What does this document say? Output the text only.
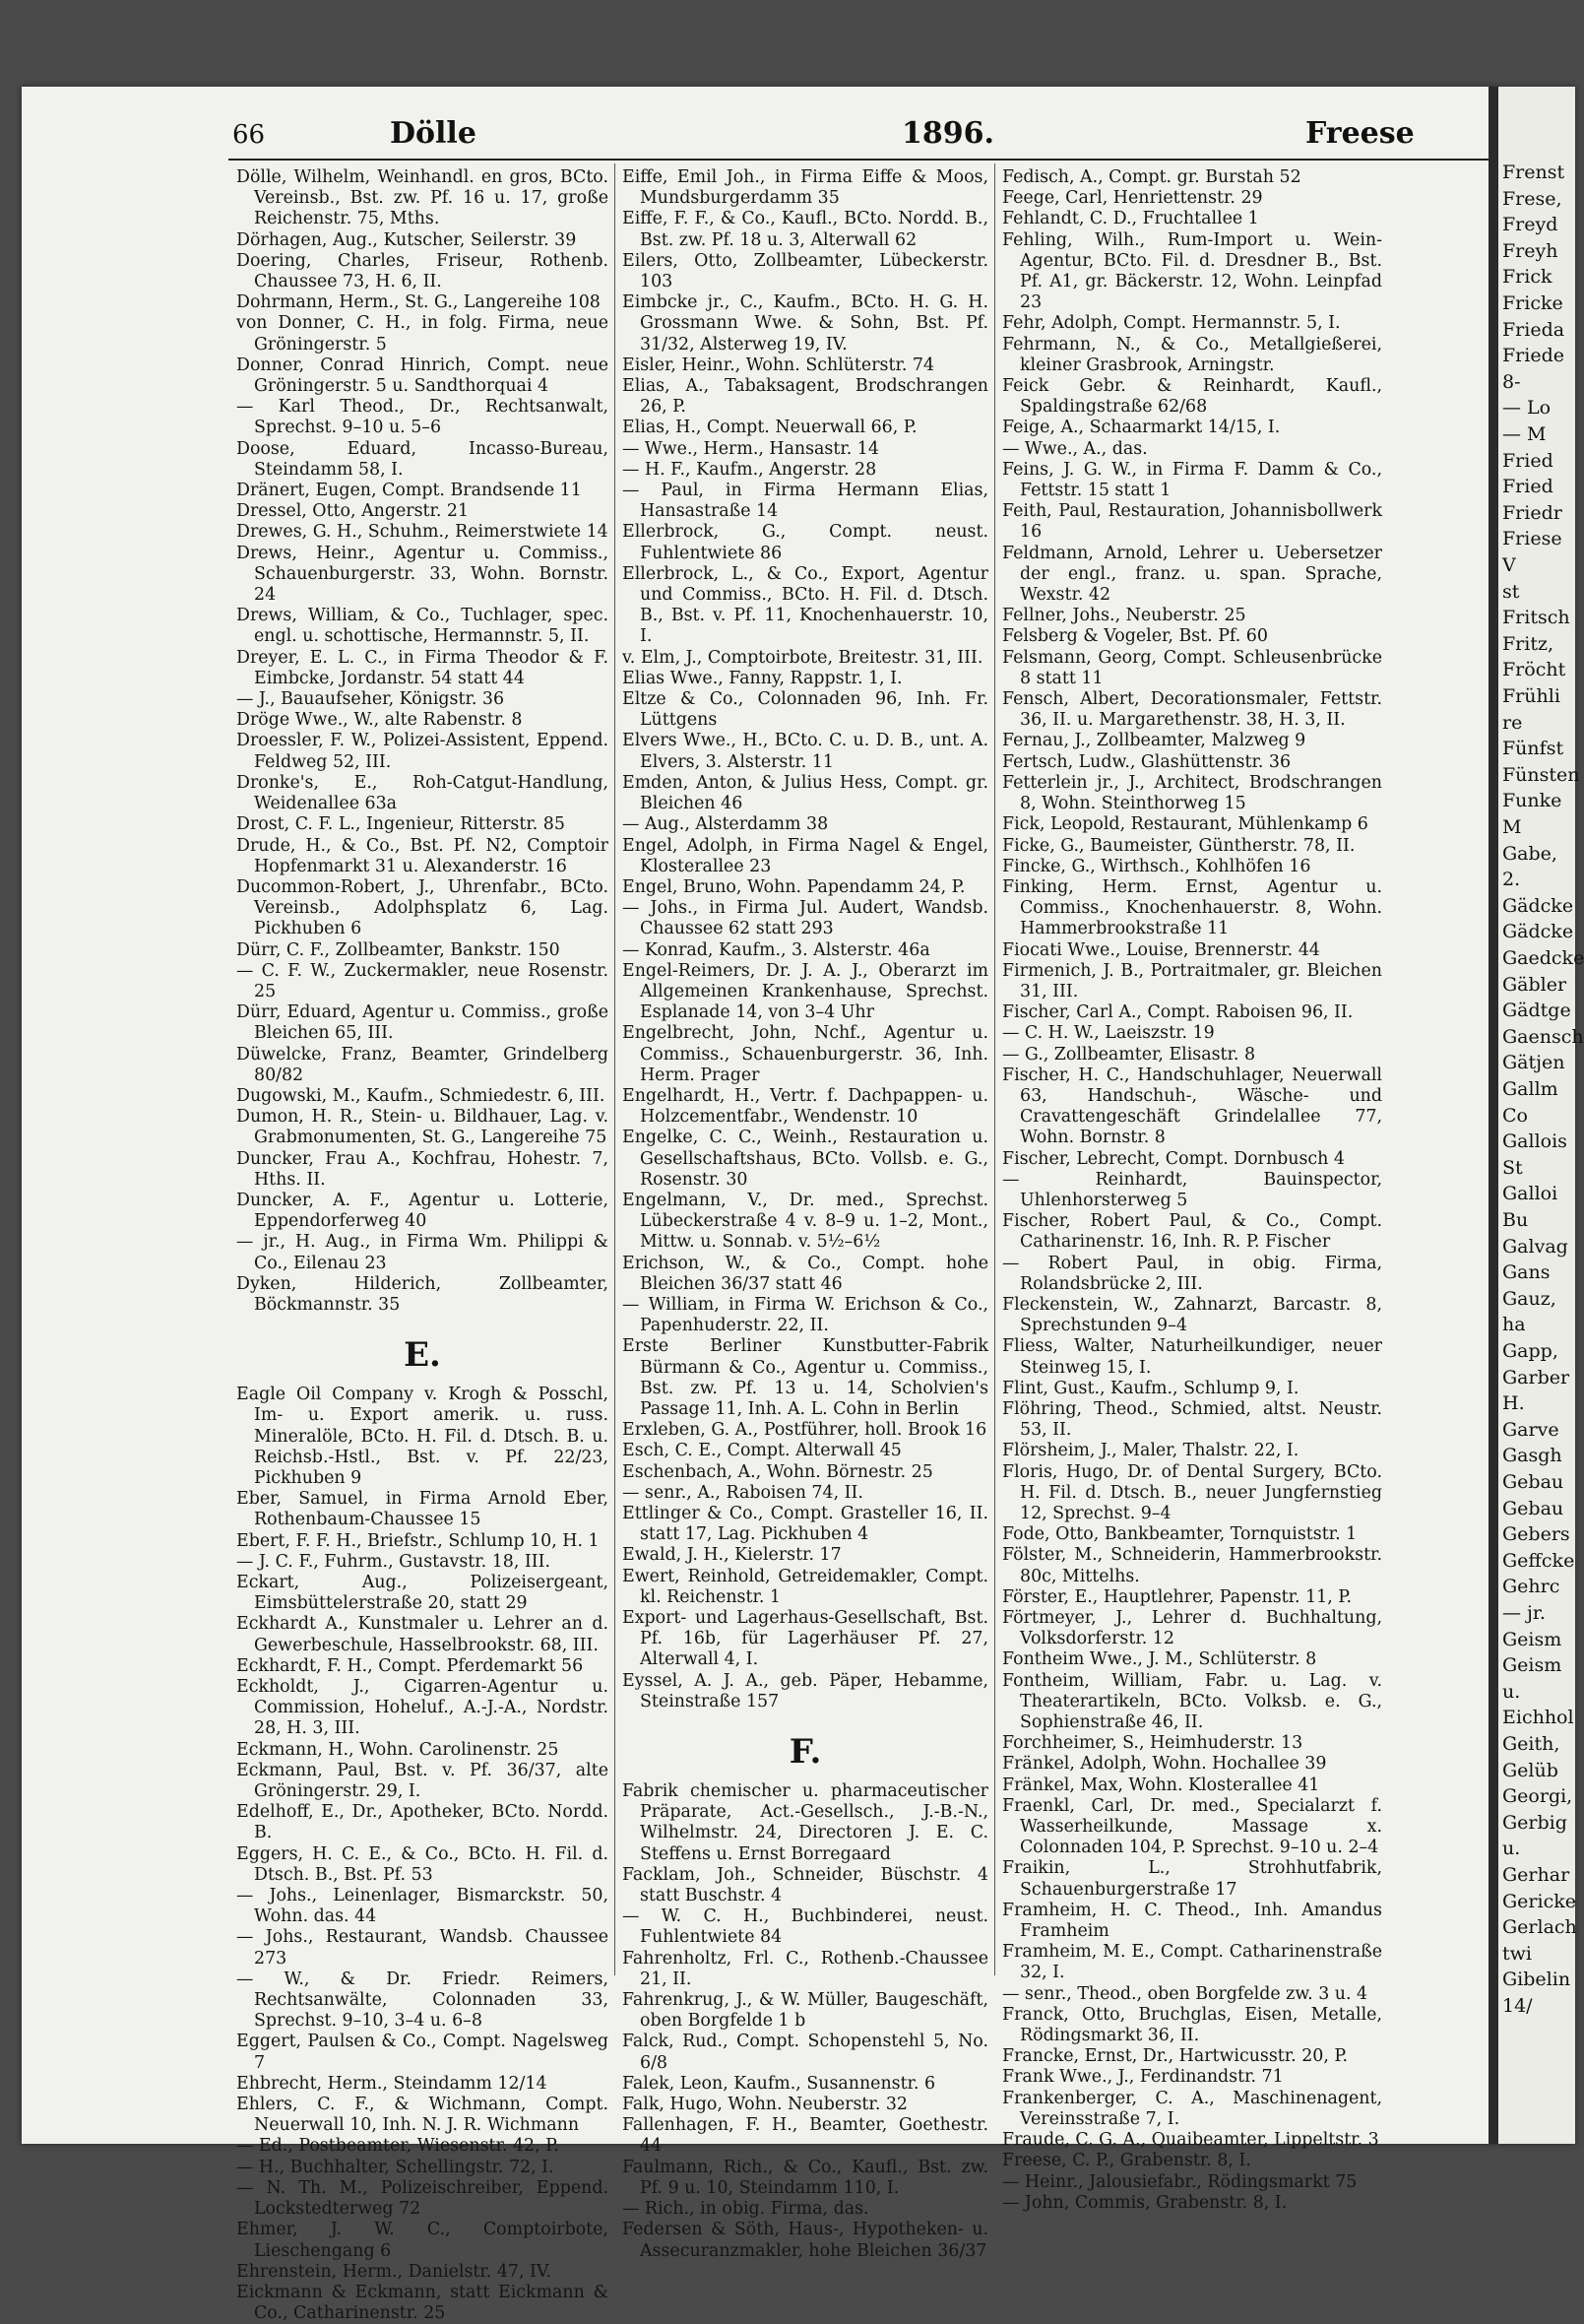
Frenst
Frese,
Freyd
Freyh
Frick
Fricke
Frieda
Friede
8-
— Lo
— M
Fried
Fried
Friedr
Friese
V
st
Fritsch
Fritz,
Fröcht
Frühli
re
Fünfst
Fünsten
Funke
M
Gabe,
2.
Gädcke
Gädcke
Gaedcke
Gäbler
Gädtge
Gaensch
Gätjen
Gallm
Co
Gallois
St
Galloi
Bu
Galvag
Gans
Gauz,
ha
Gapp,
Garber
H.
Garve
Gasgh
Gebau
Gebau
Gebers
Geffcke
Gehrc
— jr.
Geism
Geism
u.
Eichhol
Geith,
Gelüb
Georgi,
Gerbig
u.
Gerhar
Gericke
Gerlach
twi
Gibelin
14/
66	Dölle	1896.	Freese

Dölle, Wilhelm, Weinhandl. en gros, BCto. Vereinsb., Bst. zw. Pf. 16 u. 17, große Reichenstr. 75, Mths.

Dörhagen, Aug., Kutscher, Seilerstr. 39

Doering, Charles, Friseur, Rothenb. Chaussee 73, H. 6, II.

Dohrmann, Herm., St. G., Langereihe 108

von Donner, C. H., in folg. Firma, neue Gröningerstr. 5

Donner, Conrad Hinrich, Compt. neue Gröningerstr. 5 u. Sandthorquai 4

— Karl Theod., Dr., Rechtsanwalt, Sprechst. 9–10 u. 5–6

Doose, Eduard, Incasso-Bureau, Steindamm 58, I.

Dränert, Eugen, Compt. Brandsende 11

Dressel, Otto, Angerstr. 21

Drewes, G. H., Schuhm., Reimerstwiete 14

Drews, Heinr., Agentur u. Commiss., Schauenburgerstr. 33, Wohn. Bornstr. 24

Drews, William, & Co., Tuchlager, spec. engl. u. schottische, Hermannstr. 5, II.

Dreyer, E. L. C., in Firma Theodor & F. Eimbcke, Jordanstr. 54 statt 44

— J., Bauaufseher, Königstr. 36

Dröge Wwe., W., alte Rabenstr. 8

Droessler, F. W., Polizei-Assistent, Eppend. Feldweg 52, III.

Dronke's, E., Roh-Catgut-Handlung, Weidenallee 63a

Drost, C. F. L., Ingenieur, Ritterstr. 85

Drude, H., & Co., Bst. Pf. N2, Comptoir Hopfenmarkt 31 u. Alexanderstr. 16

Ducommon-Robert, J., Uhrenfabr., BCto. Vereinsb., Adolphsplatz 6, Lag. Pickhuben 6

Dürr, C. F., Zollbeamter, Bankstr. 150

— C. F. W., Zuckermakler, neue Rosenstr. 25

Dürr, Eduard, Agentur u. Commiss., große Bleichen 65, III.

Düwelcke, Franz, Beamter, Grindelberg 80/82

Dugowski, M., Kaufm., Schmiedestr. 6, III.

Dumon, H. R., Stein- u. Bildhauer, Lag. v. Grabmonumenten, St. G., Langereihe 75

Duncker, Frau A., Kochfrau, Hohestr. 7, Hths. II.

Duncker, A. F., Agentur u. Lotterie, Eppendorferweg 40

— jr., H. Aug., in Firma Wm. Philippi & Co., Eilenau 23

Dyken, Hilderich, Zollbeamter, Böckmannstr. 35

E.

Eagle Oil Company v. Krogh & Posschl, Im- u. Export amerik. u. russ. Mineralöle, BCto. H. Fil. d. Dtsch. B. u. Reichsb.-Hstl., Bst. v. Pf. 22/23, Pickhuben 9

Eber, Samuel, in Firma Arnold Eber, Rothenbaum-Chaussee 15

Ebert, F. F. H., Briefstr., Schlump 10, H. 1

— J. C. F., Fuhrm., Gustavstr. 18, III.

Eckart, Aug., Polizeisergeant, Eimsbüttelerstraße 20, statt 29

Eckhardt A., Kunstmaler u. Lehrer an d. Gewerbeschule, Hasselbrookstr. 68, III.

Eckhardt, F. H., Compt. Pferdemarkt 56

Eckholdt, J., Cigarren-Agentur u. Commission, Hoheluf., A.-J.-A., Nordstr. 28, H. 3, III.

Eckmann, H., Wohn. Carolinenstr. 25

Eckmann, Paul, Bst. v. Pf. 36/37, alte Gröningerstr. 29, I.

Edelhoff, E., Dr., Apotheker, BCto. Nordd. B.

Eggers, H. C. E., & Co., BCto. H. Fil. d. Dtsch. B., Bst. Pf. 53

— Johs., Leinenlager, Bismarckstr. 50, Wohn. das. 44

— Johs., Restaurant, Wandsb. Chaussee 273

— W., & Dr. Friedr. Reimers, Rechtsanwälte, Colonnaden 33, Sprechst. 9–10, 3–4 u. 6–8

Eggert, Paulsen & Co., Compt. Nagelsweg 7

Ehbrecht, Herm., Steindamm 12/14

Ehlers, C. F., & Wichmann, Compt. Neuerwall 10, Inh. N. J. R. Wichmann

— Ed., Postbeamter, Wiesenstr. 42, P.

— H., Buchhalter, Schellingstr. 72, I.

— N. Th. M., Polizeischreiber, Eppend. Lockstedterweg 72

Ehmer, J. W. C., Comptoirbote, Lieschengang 6

Ehrenstein, Herm., Danielstr. 47, IV.

Eickmann & Eckmann, statt Eickmann & Co., Catharinenstr. 25

Eiffe, Emil Joh., in Firma Eiffe & Moos, Mundsburgerdamm 35

Eiffe, F. F., & Co., Kaufl., BCto. Nordd. B., Bst. zw. Pf. 18 u. 3, Alterwall 62

Eilers, Otto, Zollbeamter, Lübeckerstr. 103

Eimbcke jr., C., Kaufm., BCto. H. G. H. Grossmann Wwe. & Sohn, Bst. Pf. 31/32, Alsterweg 19, IV.

Eisler, Heinr., Wohn. Schlüterstr. 74

Elias, A., Tabaksagent, Brodschrangen 26, P.

Elias, H., Compt. Neuerwall 66, P.

— Wwe., Herm., Hansastr. 14

— H. F., Kaufm., Angerstr. 28

— Paul, in Firma Hermann Elias, Hansastraße 14

Ellerbrock, G., Compt. neust. Fuhlentwiete 86

Ellerbrock, L., & Co., Export, Agentur und Commiss., BCto. H. Fil. d. Dtsch. B., Bst. v. Pf. 11, Knochenhauerstr. 10, I.

v. Elm, J., Comptoirbote, Breitestr. 31, III.

Elias Wwe., Fanny, Rappstr. 1, I.

Eltze & Co., Colonnaden 96, Inh. Fr. Lüttgens

Elvers Wwe., H., BCto. C. u. D. B., unt. A. Elvers, 3. Alsterstr. 11

Emden, Anton, & Julius Hess, Compt. gr. Bleichen 46

— Aug., Alsterdamm 38

Engel, Adolph, in Firma Nagel & Engel, Klosterallee 23

Engel, Bruno, Wohn. Papendamm 24, P.

— Johs., in Firma Jul. Audert, Wandsb. Chaussee 62 statt 293

— Konrad, Kaufm., 3. Alsterstr. 46a

Engel-Reimers, Dr. J. A. J., Oberarzt im Allgemeinen Krankenhause, Sprechst. Esplanade 14, von 3–4 Uhr

Engelbrecht, John, Nchf., Agentur u. Commiss., Schauenburgerstr. 36, Inh. Herm. Prager

Engelhardt, H., Vertr. f. Dachpappen- u. Holzcementfabr., Wendenstr. 10

Engelke, C. C., Weinh., Restauration u. Gesellschaftshaus, BCto. Vollsb. e. G., Rosenstr. 30

Engelmann, V., Dr. med., Sprechst. Lübeckerstraße 4 v. 8–9 u. 1–2, Mont., Mittw. u. Sonnab. v. 5½–6½

Erichson, W., & Co., Compt. hohe Bleichen 36/37 statt 46

— William, in Firma W. Erichson & Co., Papenhuderstr. 22, II.

Erste Berliner Kunstbutter-Fabrik Bürmann & Co., Agentur u. Commiss., Bst. zw. Pf. 13 u. 14, Scholvien's Passage 11, Inh. A. L. Cohn in Berlin

Erxleben, G. A., Postführer, holl. Brook 16

Esch, C. E., Compt. Alterwall 45

Eschenbach, A., Wohn. Börnestr. 25

— senr., A., Raboisen 74, II.

Ettlinger & Co., Compt. Grasteller 16, II. statt 17, Lag. Pickhuben 4

Ewald, J. H., Kielerstr. 17

Ewert, Reinhold, Getreidemakler, Compt. kl. Reichenstr. 1

Export- und Lagerhaus-Gesellschaft, Bst. Pf. 16b, für Lagerhäuser Pf. 27, Alterwall 4, I.

Eyssel, A. J. A., geb. Päper, Hebamme, Steinstraße 157

F.

Fabrik chemischer u. pharmaceutischer Präparate, Act.-Gesellsch., J.-B.-N., Wilhelmstr. 24, Directoren J. E. C. Steffens u. Ernst Borregaard

Facklam, Joh., Schneider, Büschstr. 4 statt Buschstr. 4

— W. C. H., Buchbinderei, neust. Fuhlentwiete 84

Fahrenholtz, Frl. C., Rothenb.-Chaussee 21, II.

Fahrenkrug, J., & W. Müller, Baugeschäft, oben Borgfelde 1 b

Falck, Rud., Compt. Schopenstehl 5, No. 6/8

Falek, Leon, Kaufm., Susannenstr. 6

Falk, Hugo, Wohn. Neuberstr. 32

Fallenhagen, F. H., Beamter, Goethestr. 44

Faulmann, Rich., & Co., Kaufl., Bst. zw. Pf. 9 u. 10, Steindamm 110, I.

— Rich., in obig. Firma, das.

Federsen & Söth, Haus-, Hypotheken- u. Assecuranzmakler, hohe Bleichen 36/37

Fedisch, A., Compt. gr. Burstah 52

Feege, Carl, Henriettenstr. 29

Fehlandt, C. D., Fruchtallee 1

Fehling, Wilh., Rum-Import u. Wein-Agentur, BCto. Fil. d. Dresdner B., Bst. Pf. A1, gr. Bäckerstr. 12, Wohn. Leinpfad 23

Fehr, Adolph, Compt. Hermannstr. 5, I.

Fehrmann, N., & Co., Metallgießerei, kleiner Grasbrook, Arningstr.

Feick Gebr. & Reinhardt, Kaufl., Spaldingstraße 62/68

Feige, A., Schaarmarkt 14/15, I.

— Wwe., A., das.

Feins, J. G. W., in Firma F. Damm & Co., Fettstr. 15 statt 1

Feith, Paul, Restauration, Johannisbollwerk 16

Feldmann, Arnold, Lehrer u. Uebersetzer der engl., franz. u. span. Sprache, Wexstr. 42

Fellner, Johs., Neuberstr. 25

Felsberg & Vogeler, Bst. Pf. 60

Felsmann, Georg, Compt. Schleusenbrücke 8 statt 11

Fensch, Albert, Decorationsmaler, Fettstr. 36, II. u. Margarethenstr. 38, H. 3, II.

Fernau, J., Zollbeamter, Malzweg 9

Fertsch, Ludw., Glashüttenstr. 36

Fetterlein jr., J., Architect, Brodschrangen 8, Wohn. Steinthorweg 15

Fick, Leopold, Restaurant, Mühlenkamp 6

Ficke, G., Baumeister, Güntherstr. 78, II.

Fincke, G., Wirthsch., Kohlhöfen 16

Finking, Herm. Ernst, Agentur u. Commiss., Knochenhauerstr. 8, Wohn. Hammerbrookstraße 11

Fiocati Wwe., Louise, Brennerstr. 44

Firmenich, J. B., Portraitmaler, gr. Bleichen 31, III.

Fischer, Carl A., Compt. Raboisen 96, II.

— C. H. W., Laeiszstr. 19

— G., Zollbeamter, Elisastr. 8

Fischer, H. C., Handschuhlager, Neuerwall 63, Handschuh-, Wäsche- und Cravattengeschäft Grindelallee 77, Wohn. Bornstr. 8

Fischer, Lebrecht, Compt. Dornbusch 4

— Reinhardt, Bauinspector, Uhlenhorsterweg 5

Fischer, Robert Paul, & Co., Compt. Catharinenstr. 16, Inh. R. P. Fischer

— Robert Paul, in obig. Firma, Rolandsbrücke 2, III.

Fleckenstein, W., Zahnarzt, Barcastr. 8, Sprechstunden 9–4

Fliess, Walter, Naturheilkundiger, neuer Steinweg 15, I.

Flint, Gust., Kaufm., Schlump 9, I.

Flöhring, Theod., Schmied, altst. Neustr. 53, II.

Flörsheim, J., Maler, Thalstr. 22, I.

Floris, Hugo, Dr. of Dental Surgery, BCto. H. Fil. d. Dtsch. B., neuer Jungfernstieg 12, Sprechst. 9–4

Fode, Otto, Bankbeamter, Tornquiststr. 1

Fölster, M., Schneiderin, Hammerbrookstr. 80c, Mittelhs.

Förster, E., Hauptlehrer, Papenstr. 11, P.

Förtmeyer, J., Lehrer d. Buchhaltung, Volksdorferstr. 12

Fontheim Wwe., J. M., Schlüterstr. 8

Fontheim, William, Fabr. u. Lag. v. Theaterartikeln, BCto. Volksb. e. G., Sophienstraße 46, II.

Forchheimer, S., Heimhuderstr. 13

Fränkel, Adolph, Wohn. Hochallee 39

Fränkel, Max, Wohn. Klosterallee 41

Fraenkl, Carl, Dr. med., Specialarzt f. Wasserheilkunde, Massage x. Colonnaden 104, P. Sprechst. 9–10 u. 2–4

Fraikin, L., Strohhutfabrik, Schauenburgerstraße 17

Framheim, H. C. Theod., Inh. Amandus Framheim

Framheim, M. E., Compt. Catharinenstraße 32, I.

— senr., Theod., oben Borgfelde zw. 3 u. 4

Franck, Otto, Bruchglas, Eisen, Metalle, Rödingsmarkt 36, II.

Francke, Ernst, Dr., Hartwicusstr. 20, P.

Frank Wwe., J., Ferdinandstr. 71

Frankenberger, C. A., Maschinenagent, Vereinsstraße 7, I.

Fraude, C. G. A., Quaibeamter, Lippeltstr. 3

Freese, C. P., Grabenstr. 8, I.

— Heinr., Jalousiefabr., Rödingsmarkt 75

— John, Commis, Grabenstr. 8, I.
